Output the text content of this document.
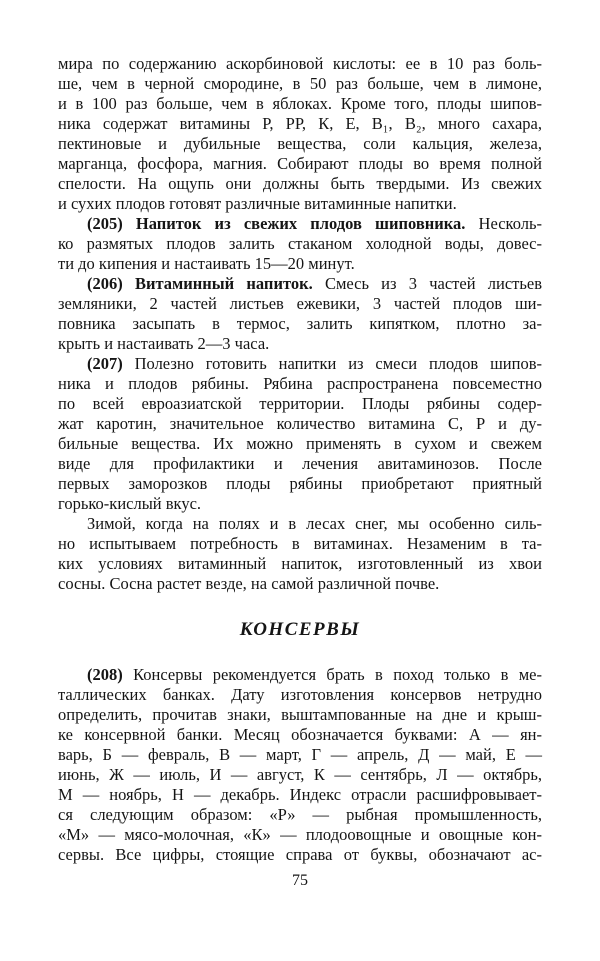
мира по содержанию аскорбиновой кислоты: ее в 10 раз боль-
ше, чем в черной смородине, в 50 раз больше, чем в лимоне,
и в 100 раз больше, чем в яблоках. Кроме того, плоды шипов-
ника содержат витамины Р, РР, К, Е, В₁, В₂, много сахара,
пектиновые и дубильные вещества, соли кальция, железа,
марганца, фосфора, магния. Собирают плоды во время полной
спелости. На ощупь они должны быть твердыми. Из свежих
и сухих плодов готовят различные витаминные напитки.
(205) Напиток из свежих плодов шиповника. Несколь-
ко размятых плодов залить стаканом холодной воды, довес-
ти до кипения и настаивать 15—20 минут.
(206) Витаминный напиток. Смесь из 3 частей листьев
земляники, 2 частей листьев ежевики, 3 частей плодов ши-
повника засыпать в термос, залить кипятком, плотно за-
крыть и настаивать 2—3 часа.
(207) Полезно готовить напитки из смеси плодов шипов-
ника и плодов рябины. Рябина распространена повсеместно
по всей евроазиатской территории. Плоды рябины содер-
жат каротин, значительное количество витамина С, Р и ду-
бильные вещества. Их можно применять в сухом и свежем
виде для профилактики и лечения авитаминозов. После
первых заморозков плоды рябины приобретают приятный
горько-кислый вкус.
Зимой, когда на полях и в лесах снег, мы особенно силь-
но испытываем потребность в витаминах. Незаменим в та-
ких условиях витаминный напиток, изготовленный из хвои
сосны. Сосна растет везде, на самой различной почве.
КОНСЕРВЫ
(208) Консервы рекомендуется брать в поход только в ме-
таллических банках. Дату изготовления консервов нетрудно
определить, прочитав знаки, выштампованные на дне и крыш-
ке консервной банки. Месяц обозначается буквами: А — ян-
варь, Б — февраль, В — март, Г — апрель, Д — май, Е —
июнь, Ж — июль, И — август, К — сентябрь, Л — октябрь,
М — ноябрь, Н — декабрь. Индекс отрасли расшифровывает-
ся следующим образом: «Р» — рыбная промышленность,
«М» — мясо-молочная, «К» — плодоовощные и овощные кон-
сервы. Все цифры, стоящие справа от буквы, обозначают ас-
75
